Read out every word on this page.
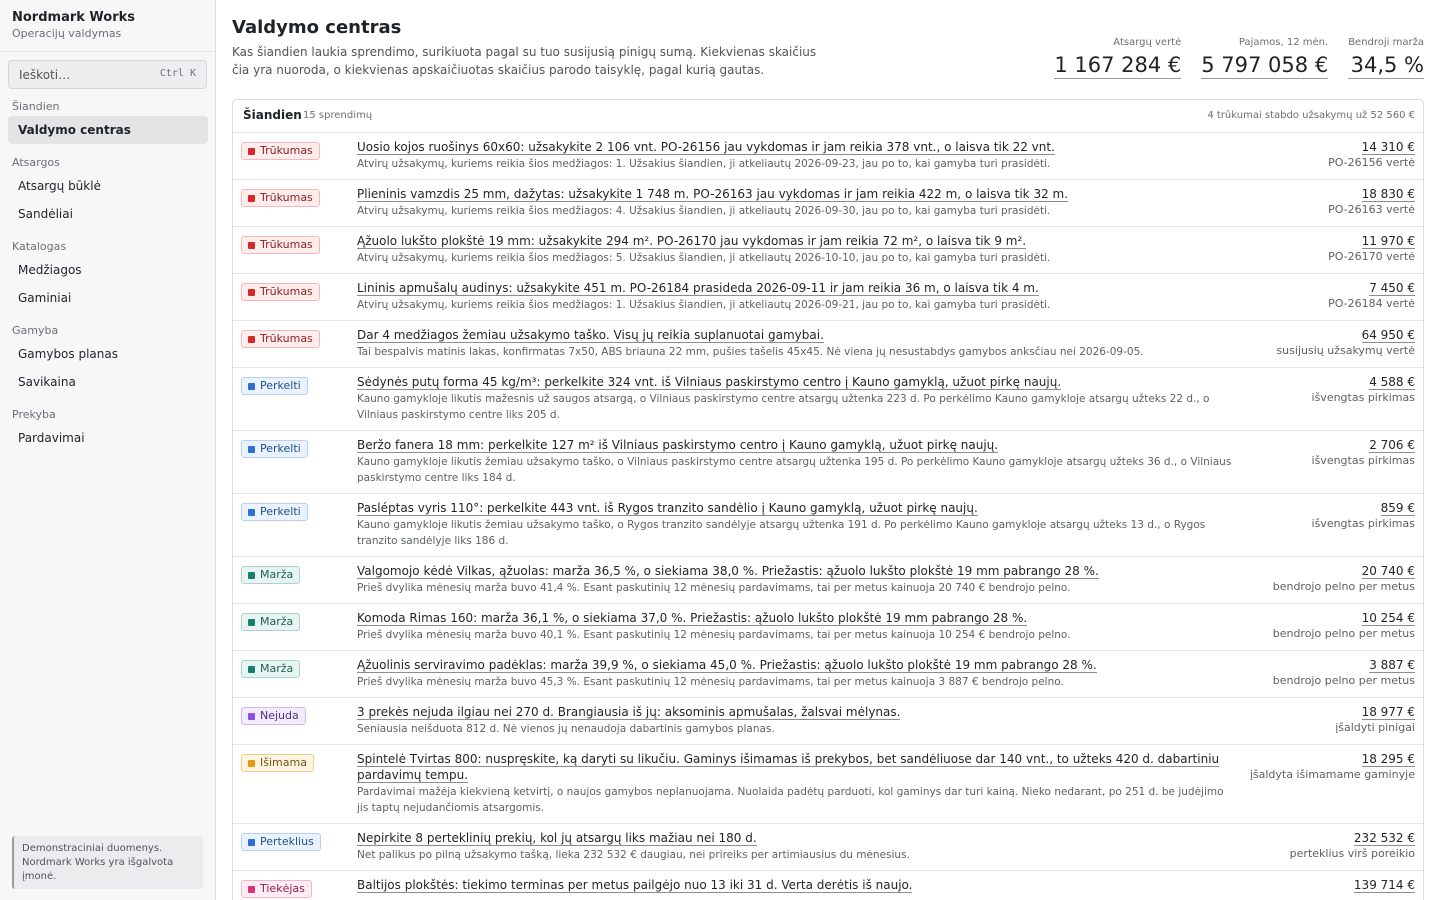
Nordmark Works
Operacijų valdymas
Ieškoti…
Ctrl K
Šiandien
Valdymo centras
Atsargos
Atsargų būklė
Sandėliai
Katalogas
Medžiagos
Gaminiai
Gamyba
Gamybos planas
Savikaina
Prekyba
Pardavimai
Demonstraciniai duomenys. Nordmark Works yra išgalvota įmonė.
Valdymo centras

Kas šiandien laukia sprendimo, surikiuota pagal su tuo susijusią pinigų sumą. Kiekvienas skaičius čia yra nuoroda, o kiekvienas apskaičiuotas skaičius parodo taisyklę, pagal kurią gautas.

Atsargų vertė
1 167 284 €
Pajamos, 12 mėn.
5 797 058 €
Bendroji marža
34,5 %
Šiandien 15 sprendimų	4 trūkumai stabdo užsakymų už 52 560 €
Trūkumas	Uosio kojos ruošinys 60x60: užsakykite 2 106 vnt. PO-26156 jau vykdomas ir jam reikia 378 vnt., o laisva tik 22 vnt.
Atvirų užsakymų, kuriems reikia šios medžiagos: 1. Užsakius šiandien, ji atkeliautų 2026-09-23, jau po to, kai gamyba turi prasidėti.
14 310 €
PO-26156 vertė
Trūkumas	Plieninis vamzdis 25 mm, dažytas: užsakykite 1 748 m. PO-26163 jau vykdomas ir jam reikia 422 m, o laisva tik 32 m.
Atvirų užsakymų, kuriems reikia šios medžiagos: 4. Užsakius šiandien, ji atkeliautų 2026-09-30, jau po to, kai gamyba turi prasidėti.
18 830 €
PO-26163 vertė
Trūkumas	Ąžuolo lukšto plokštė 19 mm: užsakykite 294 m². PO-26170 jau vykdomas ir jam reikia 72 m², o laisva tik 9 m².
Atvirų užsakymų, kuriems reikia šios medžiagos: 5. Užsakius šiandien, ji atkeliautų 2026-10-10, jau po to, kai gamyba turi prasidėti.
11 970 €
PO-26170 vertė
Trūkumas	Lininis apmušalų audinys: užsakykite 451 m. PO-26184 prasideda 2026-09-11 ir jam reikia 36 m, o laisva tik 4 m.
Atvirų užsakymų, kuriems reikia šios medžiagos: 1. Užsakius šiandien, ji atkeliautų 2026-09-21, jau po to, kai gamyba turi prasidėti.
7 450 €
PO-26184 vertė
Trūkumas	Dar 4 medžiagos žemiau užsakymo taško. Visų jų reikia suplanuotai gamybai.
Tai bespalvis matinis lakas, konfirmatas 7x50, ABS briauna 22 mm, pušies tašelis 45x45. Nė viena jų nesustabdys gamybos anksčiau nei 2026-09-05.
64 950 €
susijusių užsakymų vertė
Perkelti	Sėdynės putų forma 45 kg/m³: perkelkite 324 vnt. iš Vilniaus paskirstymo centro į Kauno gamyklą, užuot pirkę naujų.
Kauno gamykloje likutis mažesnis už saugos atsargą, o Vilniaus paskirstymo centre atsargų užtenka 223 d. Po perkėlimo Kauno gamykloje atsargų užteks 22 d., o Vilniaus paskirstymo centre liks 205 d.
4 588 €
išvengtas pirkimas
Perkelti	Beržo fanera 18 mm: perkelkite 127 m² iš Vilniaus paskirstymo centro į Kauno gamyklą, užuot pirkę naujų.
Kauno gamykloje likutis žemiau užsakymo taško, o Vilniaus paskirstymo centre atsargų užtenka 195 d. Po perkėlimo Kauno gamykloje atsargų užteks 36 d., o Vilniaus paskirstymo centre liks 184 d.
2 706 €
išvengtas pirkimas
Perkelti	Pasléptas vyris 110°: perkelkite 443 vnt. iš Rygos tranzito sandėlio į Kauno gamyklą, užuot pirkę naujų.
Kauno gamykloje likutis žemiau užsakymo taško, o Rygos tranzito sandėlyje atsargų užtenka 191 d. Po perkėlimo Kauno gamykloje atsargų užteks 13 d., o Rygos tranzito sandėlyje liks 186 d.
859 €
išvengtas pirkimas
Marža	Valgomojo kėdė Vilkas, ąžuolas: marža 36,5 %, o siekiama 38,0 %. Priežastis: ąžuolo lukšto plokštė 19 mm pabrango 28 %.
Prieš dvylika mėnesių marža buvo 41,4 %. Esant paskutinių 12 mėnesių pardavimams, tai per metus kainuoja 20 740 € bendrojo pelno.
20 740 €
bendrojo pelno per metus
Marža	Komoda Rimas 160: marža 36,1 %, o siekiama 37,0 %. Priežastis: ąžuolo lukšto plokštė 19 mm pabrango 28 %.
Prieš dvylika mėnesių marža buvo 40,1 %. Esant paskutinių 12 mėnesių pardavimams, tai per metus kainuoja 10 254 € bendrojo pelno.
10 254 €
bendrojo pelno per metus
Marža	Ąžuolinis serviravimo padėklas: marža 39,9 %, o siekiama 45,0 %. Priežastis: ąžuolo lukšto plokštė 19 mm pabrango 28 %.
Prieš dvylika mėnesių marža buvo 45,3 %. Esant paskutinių 12 mėnesių pardavimams, tai per metus kainuoja 3 887 € bendrojo pelno.
3 887 €
bendrojo pelno per metus
Nejuda	3 prekės nejuda ilgiau nei 270 d. Brangiausia iš jų: aksominis apmušalas, žalsvai mėlynas.
Seniausia neišduota 812 d. Nė vienos jų nenaudoja dabartinis gamybos planas.
18 977 €
įšaldyti pinigai
Išimama	Spintelė Tvirtas 800: nuspręskite, ką daryti su likučiu. Gaminys išimamas iš prekybos, bet sandėliuose dar 140 vnt., to užteks 420 d. dabartiniu pardavimų tempu.
Pardavimai mažėja kiekvieną ketvirtį, o naujos gamybos neplanuojama. Nuolaida padėtų parduoti, kol gaminys dar turi kainą. Nieko nedarant, po 251 d. be judėjimo jis taptų nejudančiomis atsargomis.
18 295 €
įšaldyta išimamame gaminyje
Perteklius	Nepirkite 8 perteklinių prekių, kol jų atsargų liks mažiau nei 180 d.
Net palikus po pilną užsakymo tašką, lieka 232 532 € daugiau, nei prireiks per artimiausius du mėnesius.
232 532 €
perteklius virš poreikio
Tiekėjas	Baltijos plokštės: tiekimo terminas per metus pailgėjo nuo 13 iki 31 d. Verta derėtis iš naujo.	139 714 €
